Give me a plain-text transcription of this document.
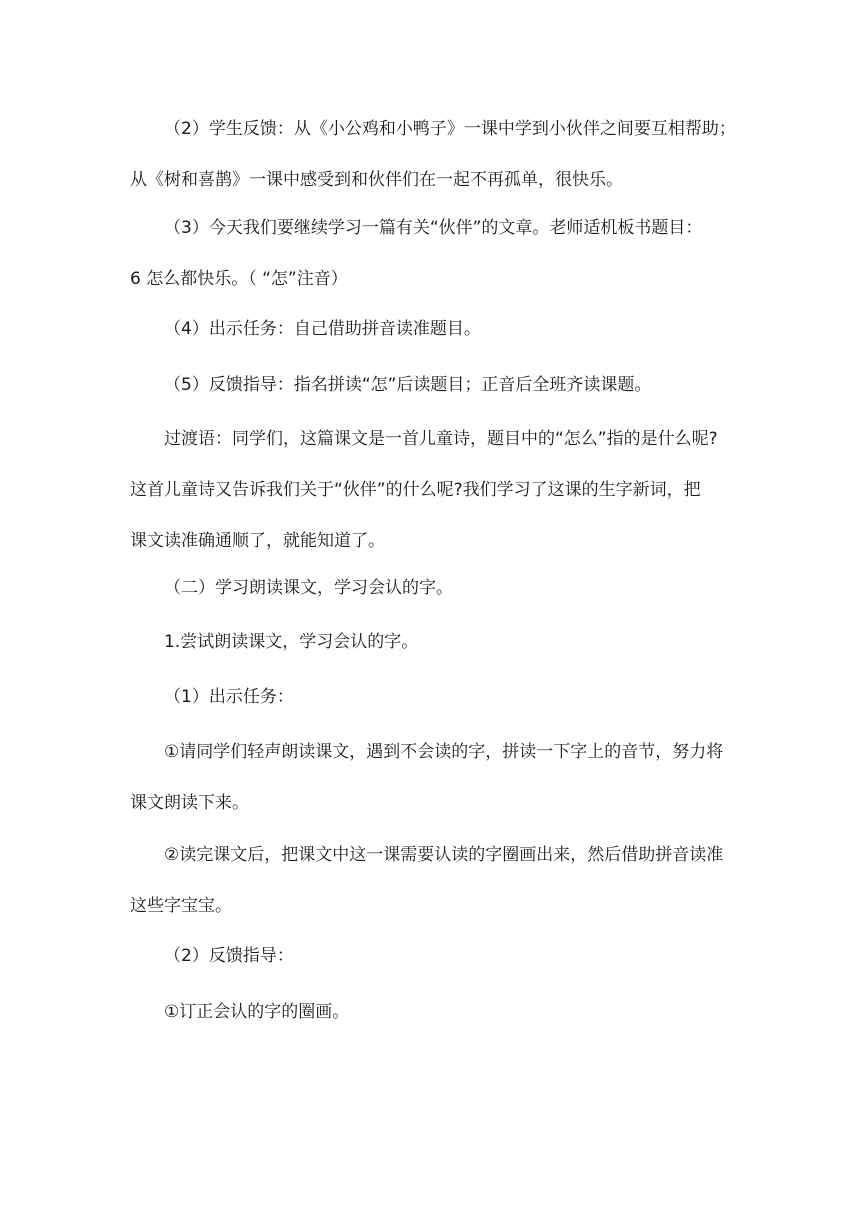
（2）学生反馈：从《小公鸡和小鸭子》一课中学到小伙伴之间要互相帮助；
从《树和喜鹊》一课中感受到和伙伴们在一起不再孤单，很快乐。

（3）今天我们要继续学习一篇有关“伙伴”的文章。老师适机板书题目：
6 怎么都快乐。（ “怎”注音）

（4）出示任务：自己借助拼音读准题目。

（5）反馈指导：指名拼读“怎”后读题目；正音后全班齐读课题。

过渡语：同学们，这篇课文是一首儿童诗，题目中的“怎么”指的是什么呢?
这首儿童诗又告诉我们关于“伙伴”的什么呢?我们学习了这课的生字新词，把
课文读准确通顺了，就能知道了。

（二）学习朗读课文，学习会认的字。

1.尝试朗读课文，学习会认的字。

（1）出示任务：

①请同学们轻声朗读课文，遇到不会读的字，拼读一下字上的音节，努力将
课文朗读下来。

②读完课文后，把课文中这一课需要认读的字圈画出来，然后借助拼音读准
这些字宝宝。

（2）反馈指导：

①订正会认的字的圈画。
